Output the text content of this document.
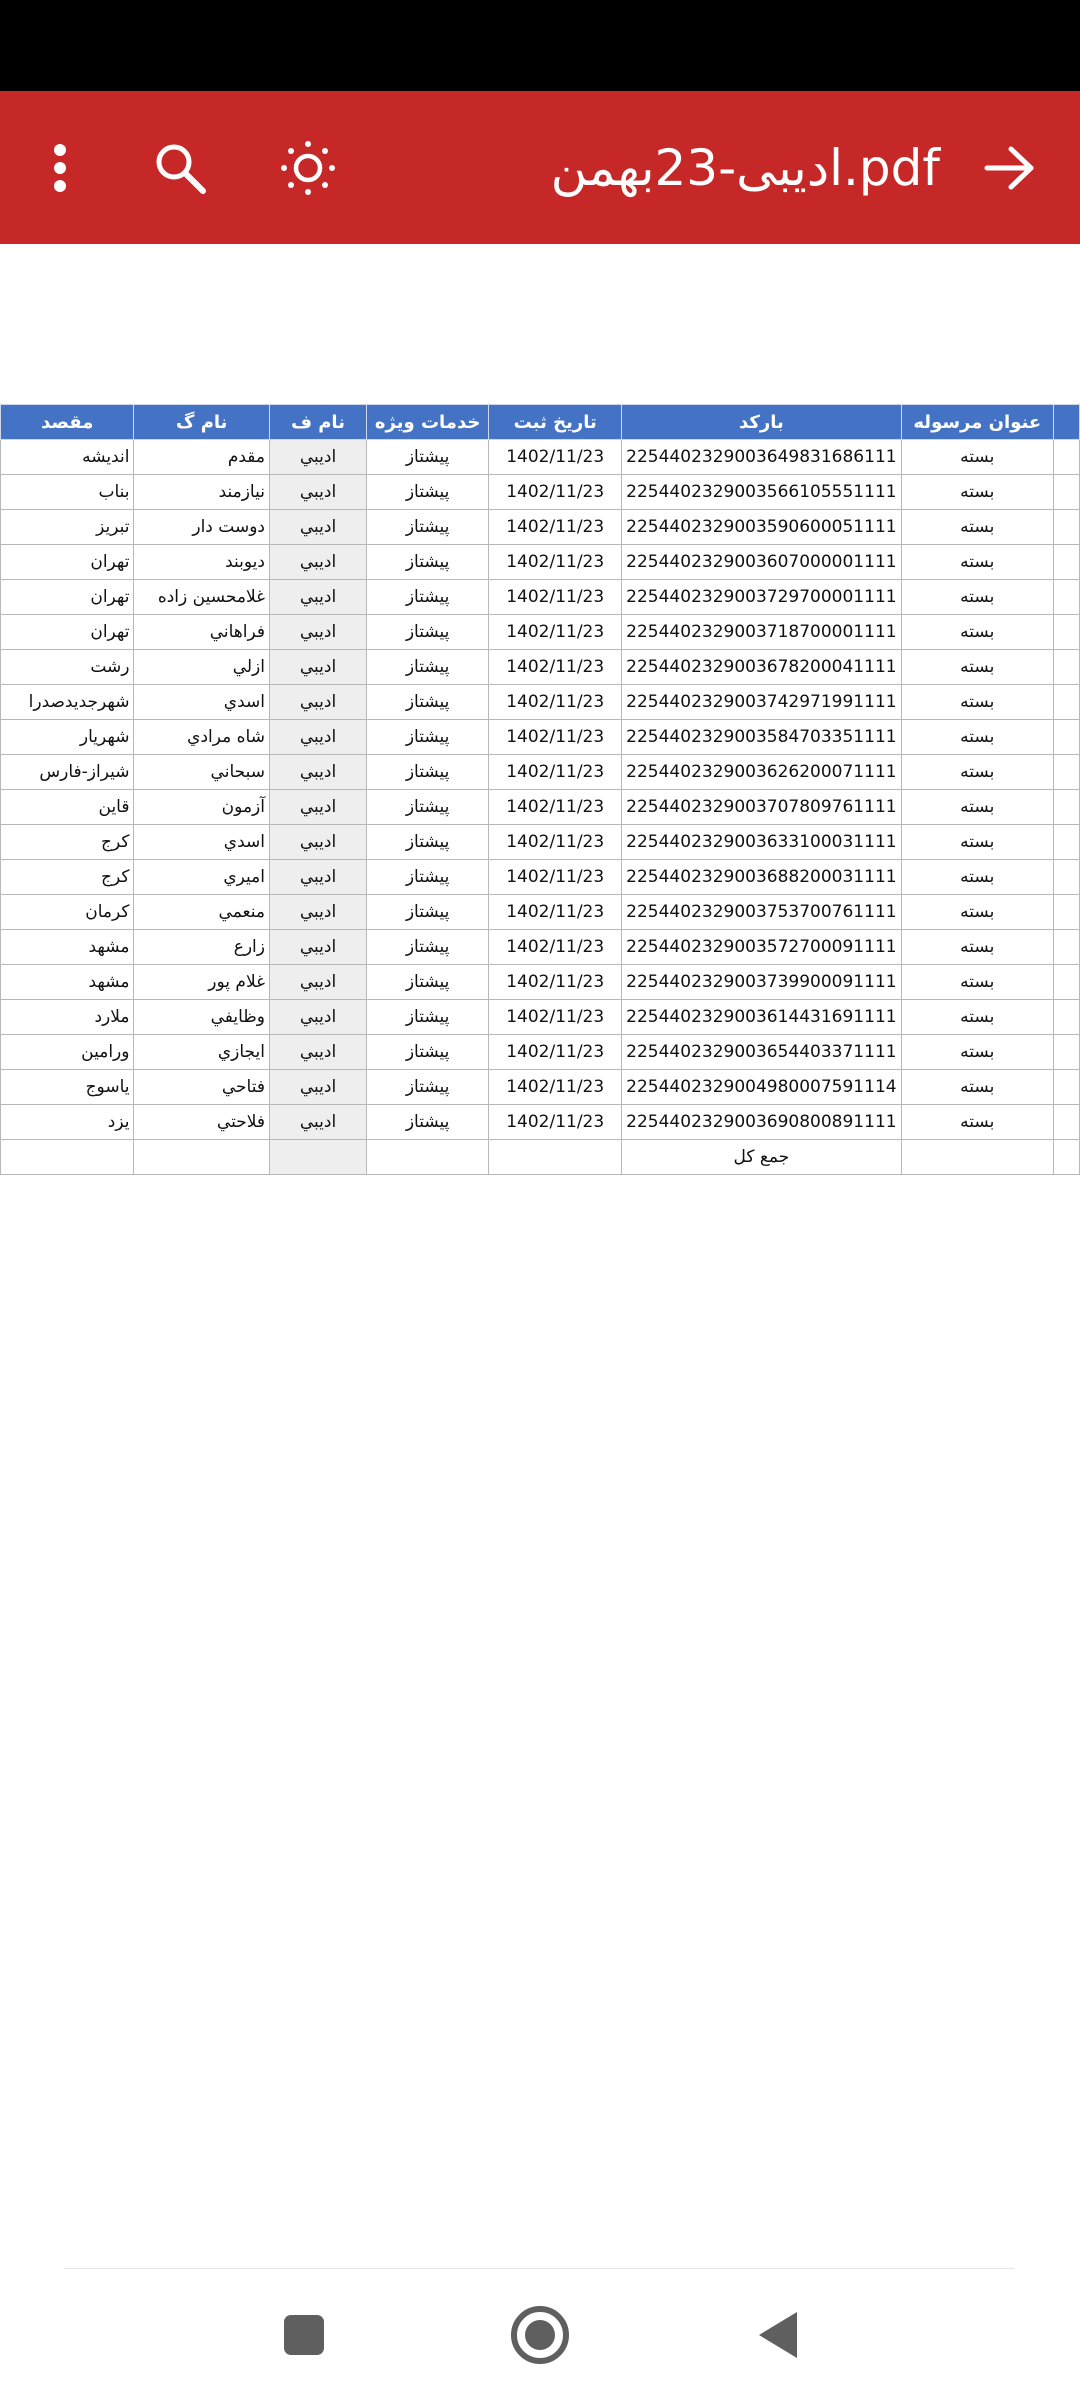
ادیبی-23بهمن.pdf
مقصد	نام گ	نام ف	خدمات ویژه	تاریخ ثبت	بارکد	عنوان مرسوله	
انديشه	مقدم	اديبي	پیشتاز	1402/11/23	2254402329003649831686111	بسته	
بناب	نيازمند	اديبي	پیشتاز	1402/11/23	2254402329003566105551111	بسته	
تبريز	دوست دار	اديبي	پیشتاز	1402/11/23	2254402329003590600051111	بسته	
تهران	ديوبند	اديبي	پیشتاز	1402/11/23	2254402329003607000001111	بسته	
تهران	غلامحسين زاده	اديبي	پیشتاز	1402/11/23	2254402329003729700001111	بسته	
تهران	فراهاني	اديبي	پیشتاز	1402/11/23	2254402329003718700001111	بسته	
رشت	ازلي	اديبي	پیشتاز	1402/11/23	2254402329003678200041111	بسته	
شهرجديدصدرا	اسدي	اديبي	پیشتاز	1402/11/23	2254402329003742971991111	بسته	
شهريار	شاه مرادي	اديبي	پیشتاز	1402/11/23	2254402329003584703351111	بسته	
شيراز-فارس	سبحاني	اديبي	پیشتاز	1402/11/23	2254402329003626200071111	بسته	
قاين	آزمون	اديبي	پیشتاز	1402/11/23	2254402329003707809761111	بسته	
کرج	اسدي	اديبي	پیشتاز	1402/11/23	2254402329003633100031111	بسته	
کرج	اميري	اديبي	پیشتاز	1402/11/23	2254402329003688200031111	بسته	
کرمان	منعمي	اديبي	پیشتاز	1402/11/23	2254402329003753700761111	بسته	
مشهد	زارع	اديبي	پیشتاز	1402/11/23	2254402329003572700091111	بسته	
مشهد	غلام پور	اديبي	پیشتاز	1402/11/23	2254402329003739900091111	بسته	
ملارد	وظايفي	اديبي	پیشتاز	1402/11/23	2254402329003614431691111	بسته	
ورامين	ايجازي	اديبي	پیشتاز	1402/11/23	2254402329003654403371111	بسته	
ياسوج	فتاحي	اديبي	پیشتاز	1402/11/23	2254402329004980007591114	بسته	
يزد	فلاحتي	اديبي	پیشتاز	1402/11/23	2254402329003690800891111	بسته	
					جمع کل		
